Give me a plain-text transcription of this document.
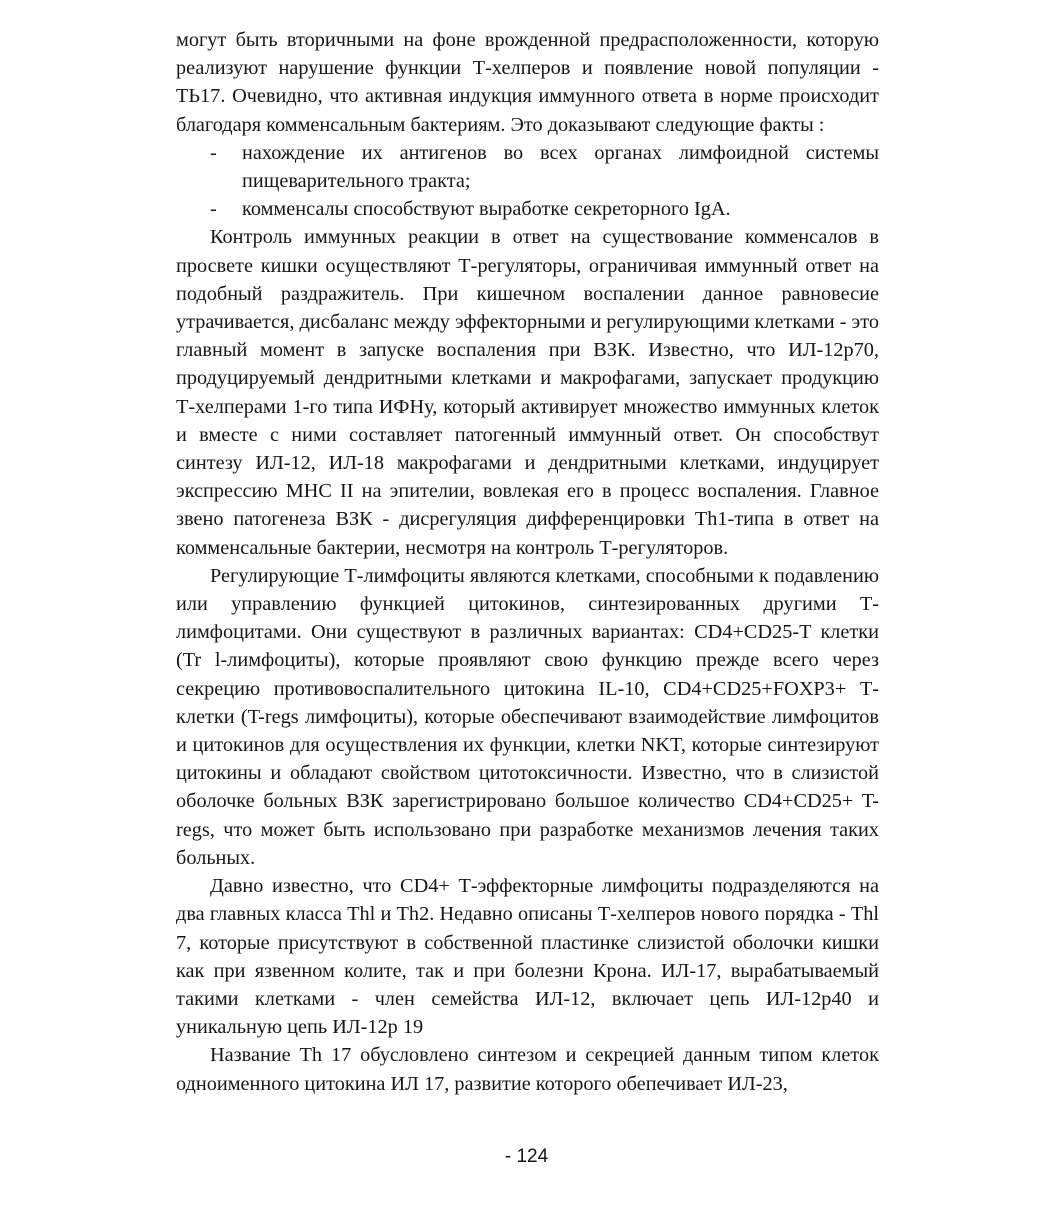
могут быть вторичными на фоне врожденной предрасположенности, которую реализуют нарушение функции Т-хелперов и появление новой популяции - ТЬ17. Очевидно, что активная индукция иммунного ответа в норме происходит благодаря комменсальным бактериям. Это доказывают следующие факты :

- нахождение их антигенов во всех органах лимфоидной системы пищеварительного тракта;

- комменсалы способствуют выработке секреторного IgA.

Контроль иммунных реакции в ответ на существование комменсалов в просвете кишки осуществляют Т-регуляторы, ограничивая иммунный ответ на подобный раздражитель. При кишечном воспалении данное равновесие утрачивается, дисбаланс между эффекторными и регулирующими клетками - это главный момент в запуске воспаления при ВЗК. Известно, что ИЛ-12р70, продуцируемый дендритными клетками и макрофагами, запускает продукцию Т-хелперами 1-го типа ИФНу, который активирует множество иммунных клеток и вместе с ними составляет патогенный иммунный ответ. Он способствут синтезу ИЛ-12, ИЛ-18 макрофагами и дендритными клетками, индуцирует экспрессию МНС II на эпителии, вовлекая его в процесс воспаления. Главное звено патогенеза ВЗК - дисрегуляция дифференцировки Th1-типа в ответ на комменсальные бактерии, несмотря на контроль Т-регуляторов.

Регулирующие Т-лимфоциты являются клетками, способными к подавлению или управлению функцией цитокинов, синтезированных другими Т-лимфоцитами. Они существуют в различных вариантах: CD4+CD25-T клетки (Tr l-лимфоциты), которые проявляют свою функцию прежде всего через секрецию противовоспалительного цитокина IL-10, CD4+CD25+FOXP3+ Т-клетки (T-regs лимфоциты), которые обеспечивают взаимодействие лимфоцитов и цитокинов для осуществления их функции, клетки NKT, которые синтезируют цитокины и обладают свойством цитотоксичности. Известно, что в слизистой оболочке больных ВЗК зарегистрировано большое количество CD4+CD25+ T-regs, что может быть использовано при разработке механизмов лечения таких больных.

Давно известно, что CD4+ Т-эффекторные лимфоциты подразделяются на два главных класса Thl и Th2. Недавно описаны Т-хелперов нового порядка - Thl 7, которые присутствуют в собственной пластинке слизистой оболочки кишки как при язвенном колите, так и при болезни Крона. ИЛ-17, вырабатываемый такими клетками - член семейства ИЛ-12, включает цепь ИЛ-12р40 и уникальную цепь ИЛ-12р 19

Название Th 17 обусловлено синтезом и секрецией данным типом клеток одноименного цитокина ИЛ 17, развитие которого обепечивает ИЛ-23,

- 124
